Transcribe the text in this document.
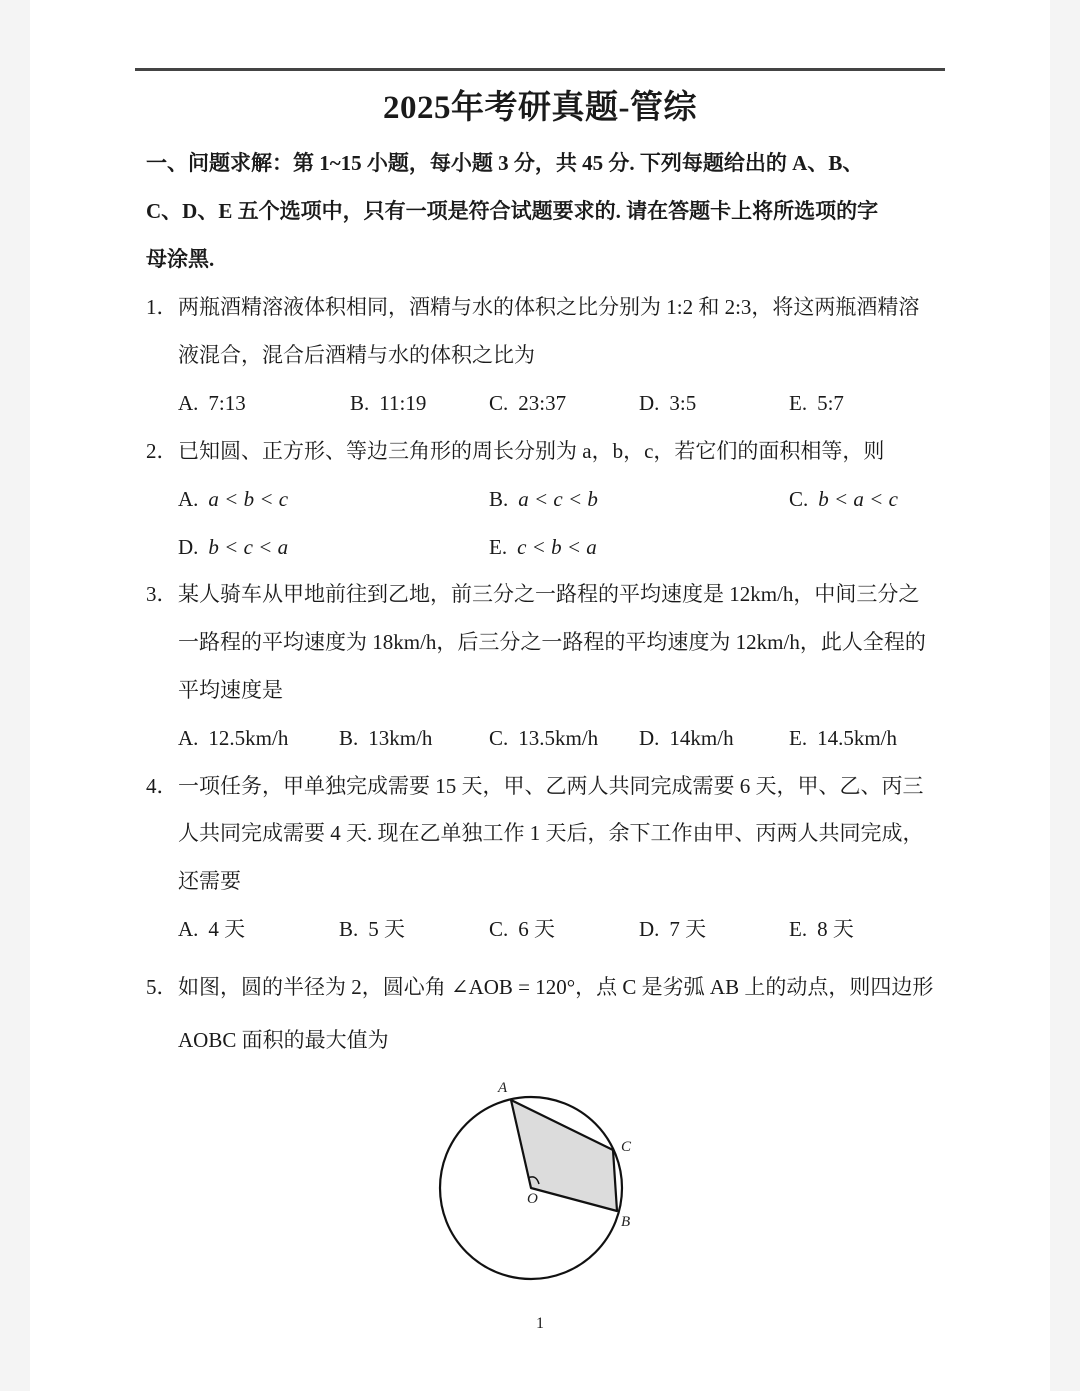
2025年考研真题-管综
一、问题求解：第 1~15 小题，每小题 3 分，共 45 分. 下列每题给出的 A、B、
C、D、E 五个选项中，只有一项是符合试题要求的. 请在答题卡上将所选项的字
母涂黑.
1． 两瓶酒精溶液体积相同，酒精与水的体积之比分别为 1:2 和 2:3，将这两瓶酒精溶
液混合，混合后酒精与水的体积之比为
A. 7:13	B. 11:19	C. 23:37	D. 3:5	E. 5:7
2． 已知圆、正方形、等边三角形的周长分别为 a，b，c，若它们的面积相等，则
A. a < b < c	B. a < c < b	C. b < a < c
D. b < c < a	E. c < b < a
3． 某人骑车从甲地前往到乙地，前三分之一路程的平均速度是 12km/h，中间三分之
一路程的平均速度为 18km/h，后三分之一路程的平均速度为 12km/h，此人全程的
平均速度是
A. 12.5km/h B. 13km/h	C. 13.5km/h D. 14km/h	E. 14.5km/h
4． 一项任务，甲单独完成需要 15 天，甲、乙两人共同完成需要 6 天，甲、乙、丙三
人共同完成需要 4 天. 现在乙单独工作 1 天后，余下工作由甲、丙两人共同完成，
还需要
A. 4 天	B. 5 天	C. 6 天	D. 7 天	E. 8 天
5． 如图，圆的半径为 2，圆心角 ∠AOB = 120°，点 C 是劣弧 AB 上的动点，则四边形
AOBC 面积的最大值为
A
C
B
O
1
